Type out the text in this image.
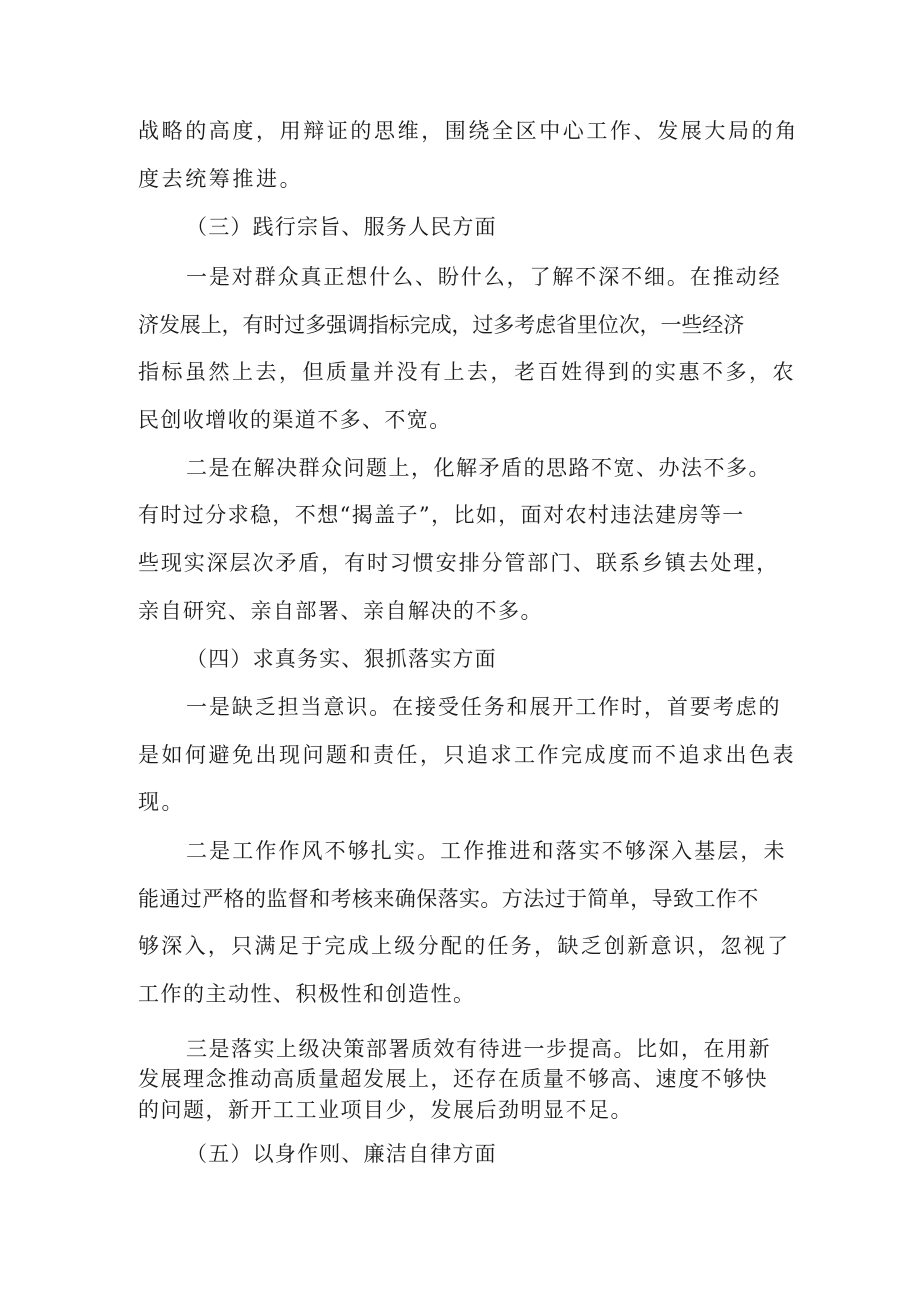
战略的高度，用辩证的思维，围绕全区中心工作、发展大局的角
度去统筹推进。
（三）践行宗旨、服务人民方面
一是对群众真正想什么、盼什么，了解不深不细。在推动经
济发展上，有时过多强调指标完成，过多考虑省里位次，一些经济
指标虽然上去，但质量并没有上去，老百姓得到的实惠不多，农
民创收增收的渠道不多、不宽。
二是在解决群众问题上，化解矛盾的思路不宽、办法不多。
有时过分求稳，不想“揭盖子”，比如，面对农村违法建房等一
些现实深层次矛盾，有时习惯安排分管部门、联系乡镇去处理，
亲自研究、亲自部署、亲自解决的不多。
（四）求真务实、狠抓落实方面
一是缺乏担当意识。在接受任务和展开工作时，首要考虑的
是如何避免出现问题和责任，只追求工作完成度而不追求出色表
现。
二是工作作风不够扎实。工作推进和落实不够深入基层，未
能通过严格的监督和考核来确保落实。方法过于简单，导致工作不
够深入，只满足于完成上级分配的任务，缺乏创新意识，忽视了
工作的主动性、积极性和创造性。
三是落实上级决策部署质效有待进一步提高。比如，在用新
发展理念推动高质量超发展上，还存在质量不够高、速度不够快
的问题，新开工工业项目少，发展后劲明显不足。
（五）以身作则、廉洁自律方面
